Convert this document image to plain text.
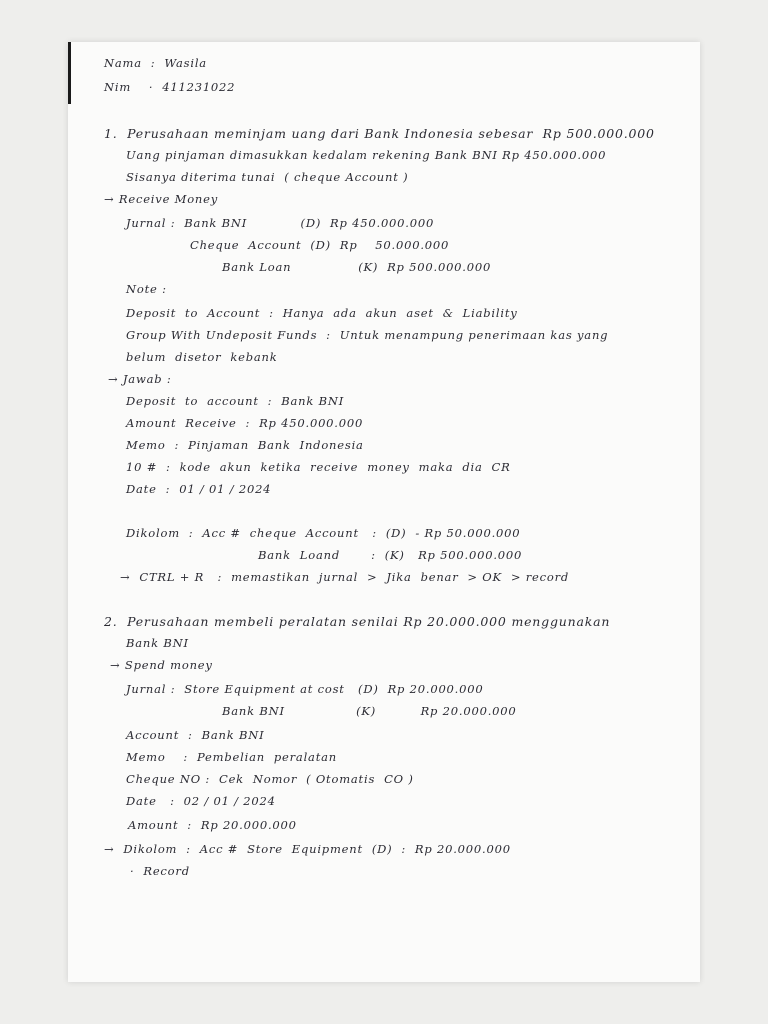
Nama  :  Wasila

Nim    ·  411231022

1.  Perusahaan meminjam uang dari Bank Indonesia sebesar  Rp 500.000.000

Uang pinjaman dimasukkan kedalam rekening Bank BNI Rp 450.000.000

Sisanya diterima tunai  ( cheque Account )

→ Receive Money

Jurnal :  Bank BNI            (D)  Rp 450.000.000

Cheque  Account  (D)  Rp    50.000.000

Bank Loan               (K)  Rp 500.000.000

Note :

Deposit  to  Account  :  Hanya  ada  akun  aset  &  Liability

Group With Undeposit Funds  :  Untuk menampung penerimaan kas yang

belum  disetor  kebank

→ Jawab :

Deposit  to  account  :  Bank BNI

Amount  Receive  :  Rp 450.000.000

Memo  :  Pinjaman  Bank  Indonesia

10 #  :  kode  akun  ketika  receive  money  maka  dia  CR

Date  :  01 / 01 / 2024

Dikolom  :  Acc #  cheque  Account   :  (D)  - Rp 50.000.000

Bank  Loand       :  (K)   Rp 500.000.000

→  CTRL + R   :  memastikan  jurnal  >  Jika  benar  > OK  > record

2.  Perusahaan membeli peralatan senilai Rp 20.000.000 menggunakan

Bank BNI

→ Spend money

Jurnal :  Store Equipment at cost   (D)  Rp 20.000.000

Bank BNI                (K)          Rp 20.000.000

Account  :  Bank BNI

Memo    :  Pembelian  peralatan

Cheque NO :  Cek  Nomor  ( Otomatis  CO )

Date   :  02 / 01 / 2024

Amount  :  Rp 20.000.000

→  Dikolom  :  Acc #  Store  Equipment  (D)  :  Rp 20.000.000

·  Record
